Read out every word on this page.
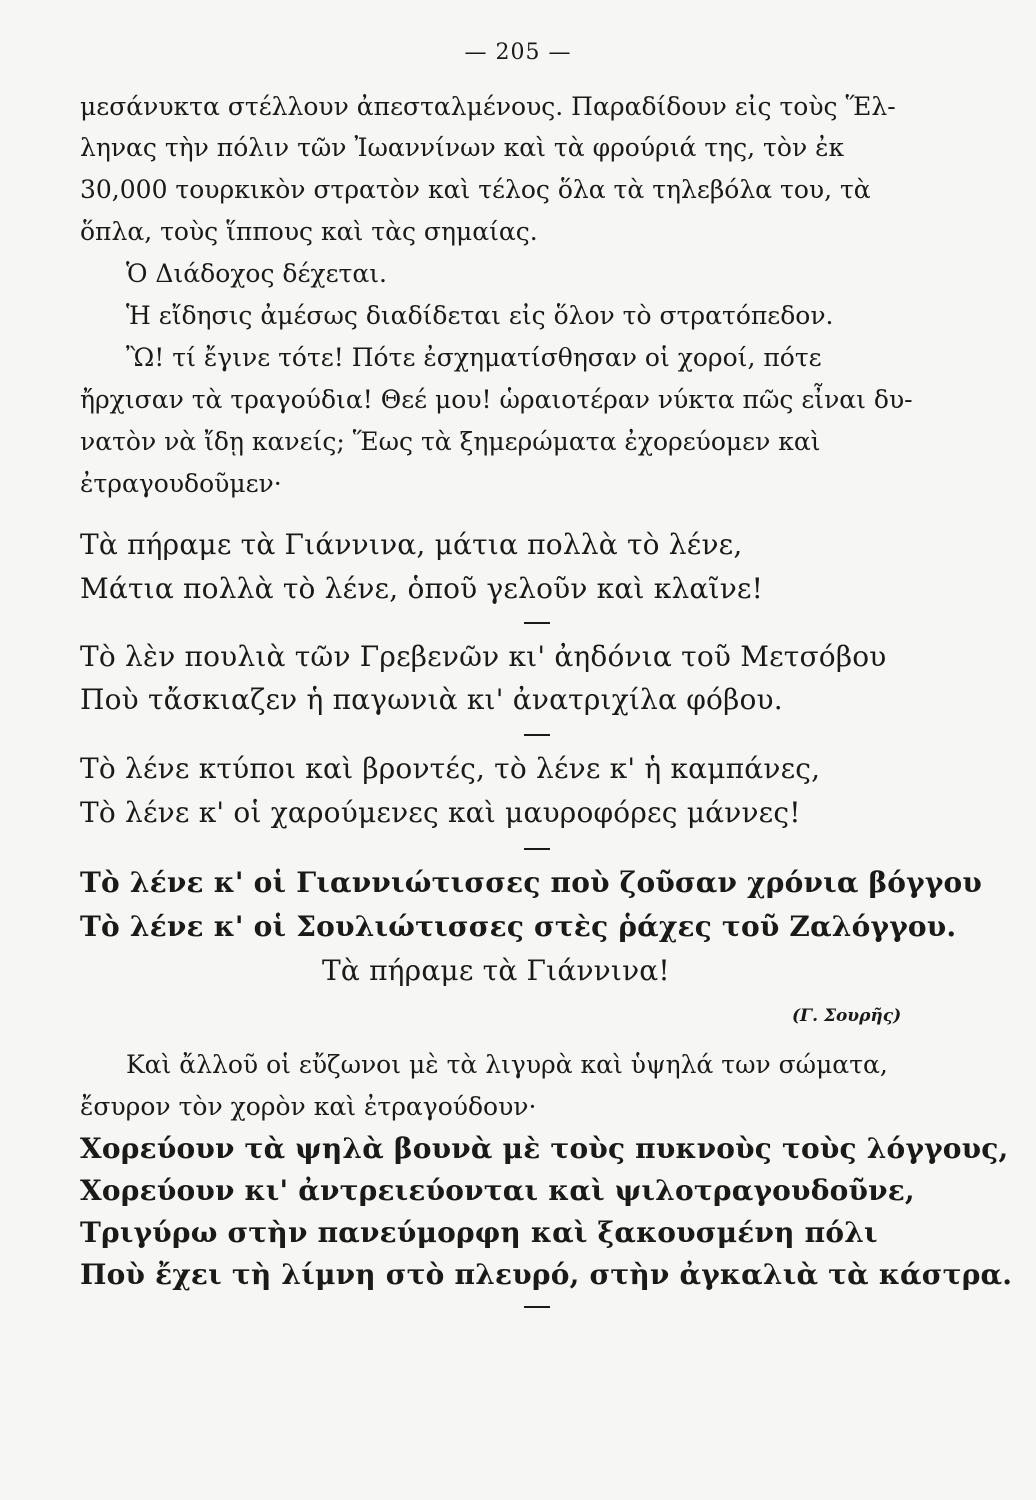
— 205 —
μεσάνυκτα στέλλουν ἀπεσταλμένους. Παραδίδουν εἰς τοὺς Ἕλ-
ληνας τὴν πόλιν τῶν Ἰωαννίνων καὶ τὰ φρούριά της, τὸν ἐκ
30,000 τουρκικὸν στρατὸν καὶ τέλος ὅλα τὰ τηλεβόλα του, τὰ
ὅπλα, τοὺς ἵππους καὶ τὰς σημαίας.
Ὁ Διάδοχος δέχεται.
Ἡ εἴδησις ἀμέσως διαδίδεται εἰς ὅλον τὸ στρατόπεδον.
Ὢ! τί ἔγινε τότε! Πότε ἐσχηματίσθησαν οἱ χοροί, πότε
ἤρχισαν τὰ τραγούδια! Θεέ μου! ὡραιοτέραν νύκτα πῶς εἶναι δυ-
νατὸν νὰ ἴδῃ κανείς; Ἕως τὰ ξημερώματα ἐχορεύομεν καὶ
ἐτραγουδοῦμεν·
Τὰ πήραμε τὰ Γιάννινα, μάτια πολλὰ τὸ λένε,
Μάτια πολλὰ τὸ λένε, ὁποῦ γελοῦν καὶ κλαῖνε!
Τὸ λὲν πουλιὰ τῶν Γρεβενῶν κι' ἀηδόνια τοῦ Μετσόβου
Ποὺ τἄσκιαζεν ἡ παγωνιὰ κι' ἀνατριχίλα φόβου.
Τὸ λένε κτύποι καὶ βροντές, τὸ λένε κ' ἡ καμπάνες,
Τὸ λένε κ' οἱ χαρούμενες καὶ μαυροφόρες μάννες!
Τὸ λένε κ' οἱ Γιαννιώτισσες ποὺ ζοῦσαν χρόνια βόγγου
Τὸ λένε κ' οἱ Σουλιώτισσες στὲς ῥάχες τοῦ Ζαλόγγου.
Τὰ πήραμε τὰ Γιάννινα!
(Γ. Σουρῆς)
Καὶ ἄλλοῦ οἱ εὔζωνοι μὲ τὰ λιγυρὰ καὶ ὑψηλά των σώματα,
ἔσυρον τὸν χορὸν καὶ ἐτραγούδουν·
Χορεύουν τὰ ψηλὰ βουνὰ μὲ τοὺς πυκνοὺς τοὺς λόγγους,
Χορεύουν κι' ἀντρειεύονται καὶ ψιλοτραγουδοῦνε,
Τριγύρω στὴν πανεύμορφη καὶ ξακουσμένη πόλι
Ποὺ ἔχει τὴ λίμνη στὸ πλευρό, στὴν ἀγκαλιὰ τὰ κάστρα.
